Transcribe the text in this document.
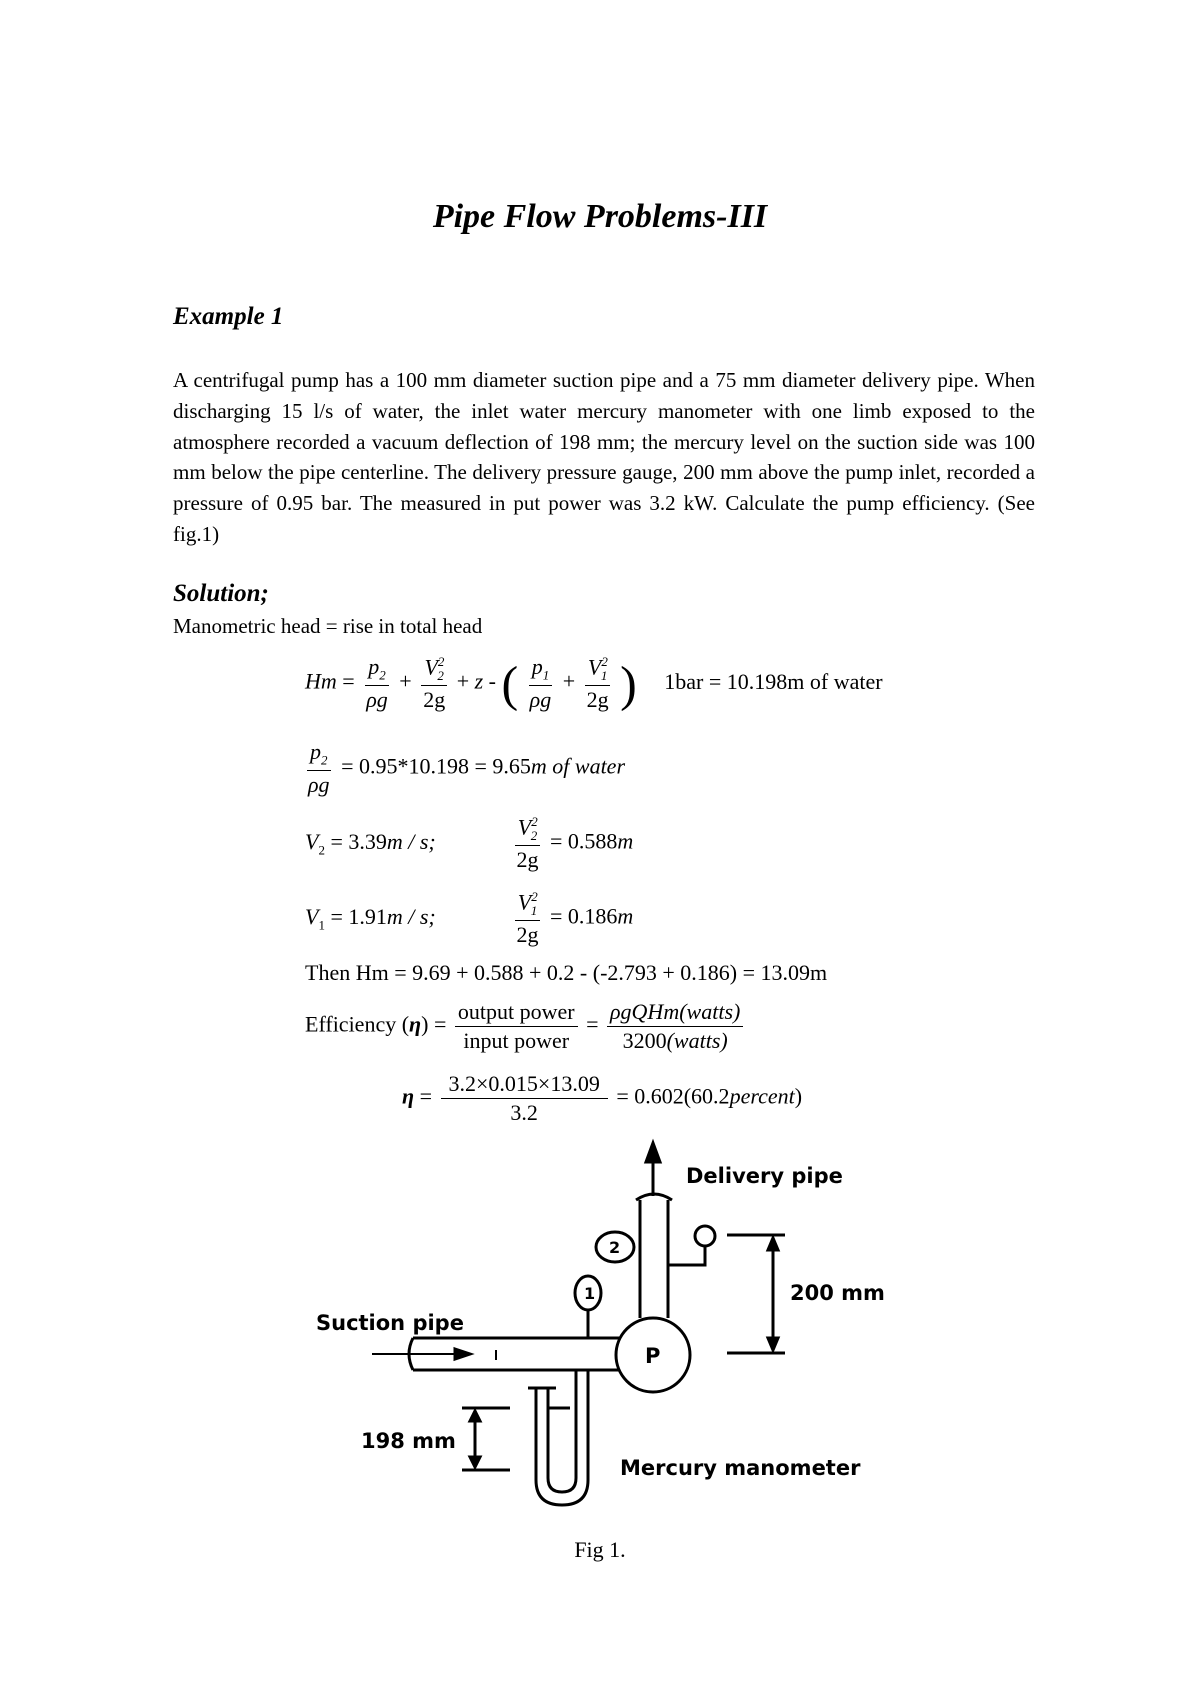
Pipe Flow Problems-III
Example 1
A centrifugal pump has a 100 mm diameter suction pipe and a 75 mm diameter delivery pipe. When discharging 15 l/s of water, the inlet water mercury manometer with one limb exposed to the atmosphere recorded a vacuum deflection of 198 mm; the mercury level on the suction side was 100 mm below the pipe centerline. The delivery pressure gauge, 200 mm above the pump inlet, recorded a pressure of 0.95 bar. The measured in put power was 3.2 kW. Calculate the pump efficiency. (See fig.1)
Solution;
Manometric head = rise in total head
$Hm = \frac{p_2}{\rho g} + \frac{V^2_2}{2g} + z$ - ( $\frac{p_1}{\rho g} + \frac{V^2_1}{2g}$ ) 1bar = 10.198m of water
$\frac{p_2}{\rho g} = 0.95*10.198 = 9.65m$ of water
$V_2 = 3.39m / s$;	$\frac{V^2_2}{2g} = 0.588m$
$V_1 = 1.91m / s$;	$\frac{V^2_1}{2g} = 0.186m$
Then Hm = 9.69 + 0.588 + 0.2 - (-2.793 + 0.186) = 13.09m
Efficiency $(\eta) = \frac{\text{output power}}{\text{input power}} = \frac{\text{ρgQHm(watts)}}{\text{3200(watts)}}$
$\eta = \frac{3.2\times 0.015\times 13.09}{3.2}$ = 0.602(60.2percent)
Delivery pipe
Suction pipe
200 mm
198 mm
Mercury manometer
P
1
2
Fig 1.
